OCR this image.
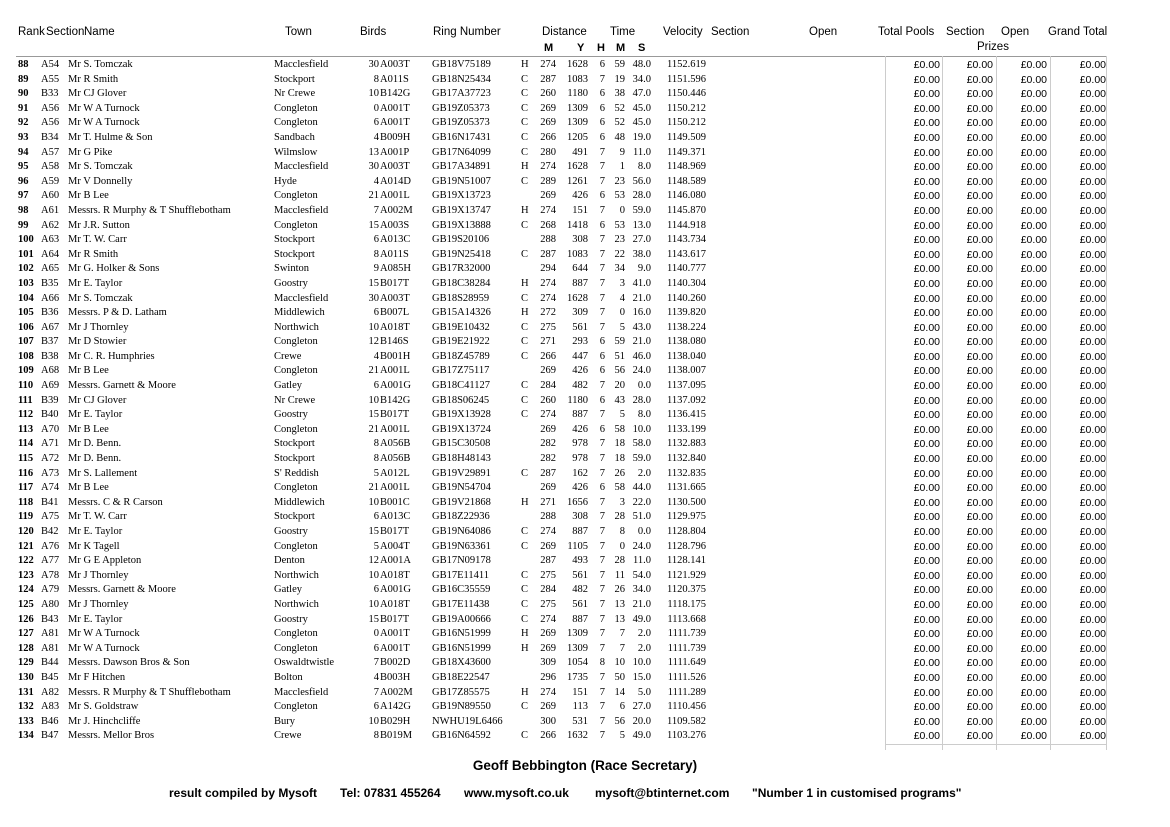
Rank Section Name	Town	Birds	Ring Number	Distance Time Velocity Section	Open	Total Pools Section Open Grand Total
M Y H M S	Prizes
88 A54 Mr S. Tomczak	Macclesfield	30 A003T GB18V75189	H	274	1628	6 59 48.0	1152.619	£0.00	£0.00	£0.00	£0.00
89 A55 Mr R Smith	Stockport	8 A011S GB18N25434	C	287	1083	7 19 34.0	1151.596	£0.00	£0.00	£0.00	£0.00
90 B33 Mr CJ Glover	Nr Crewe	10 B142G GB17A37723	C	260	1180	6 38 47.0	1150.446	£0.00	£0.00	£0.00	£0.00
91 A56 Mr W A Turnock	Congleton	0 A001T GB19Z05373	C	269	1309	6 52 45.0	1150.212	£0.00	£0.00	£0.00	£0.00
92 A56 Mr W A Turnock	Congleton	6 A001T GB19Z05373	C	269	1309	6 52 45.0	1150.212	£0.00	£0.00	£0.00	£0.00
93 B34 Mr T. Hulme & Son	Sandbach	4 B009H GB16N17431	C	266	1205	6 48 19.0	1149.509	£0.00	£0.00	£0.00	£0.00
94 A57 Mr G Pike	Wilmslow	13 A001P GB17N64099	C	280	491	7	9 11.0	1149.371	£0.00	£0.00	£0.00	£0.00
95 A58 Mr S. Tomczak	Macclesfield	30 A003T GB17A34891	H	274	1628	7	1	8.0	1148.969	£0.00	£0.00	£0.00	£0.00
96 A59 Mr V Donnelly	Hyde	4 A014D GB19N51007	C	289	1261	7 23 56.0	1148.589	£0.00	£0.00	£0.00	£0.00
97 A60 Mr B Lee	Congleton	21 A001L GB19X13723	269	426	6 53 28.0	1146.080	£0.00	£0.00	£0.00	£0.00
98 A61 Messrs. R Murphy & T Shufflebotham	Macclesfield	7 A002M GB19X13747	H	274	151	7	0 59.0	1145.870	£0.00	£0.00	£0.00	£0.00
99 A62 Mr J.R. Sutton	Congleton	15 A003S GB19X13888	C	268	1418	6 53 13.0	1144.918	£0.00	£0.00	£0.00	£0.00
100 A63 Mr T. W. Carr	Stockport	6 A013C GB19S20106	288	308	7 23 27.0	1143.734	£0.00	£0.00	£0.00	£0.00
101 A64 Mr R Smith	Stockport	8 A011S GB19N25418	C	287	1083	7 22 38.0	1143.617	£0.00	£0.00	£0.00	£0.00
102 A65 Mr G. Holker & Sons	Swinton	9 A085H GB17R32000	294	644	7 34	9.0	1140.777	£0.00	£0.00	£0.00	£0.00
103 B35 Mr E. Taylor	Goostry	15 B017T GB18C38284	H	274	887	7	3 41.0	1140.304	£0.00	£0.00	£0.00	£0.00
104 A66 Mr S. Tomczak	Macclesfield	30 A003T GB18S28959	C	274	1628	7	4 21.0	1140.260	£0.00	£0.00	£0.00	£0.00
105 B36 Messrs. P & D. Latham	Middlewich	6 B007L GB15A14326	H	272	309	7	0 16.0	1139.820	£0.00	£0.00	£0.00	£0.00
106 A67 Mr J Thornley	Northwich	10 A018T GB19E10432	C	275	561	7	5 43.0	1138.224	£0.00	£0.00	£0.00	£0.00
107 B37 Mr D Stowier	Congleton	12 B146S GB19E21922	C	271	293	6 59 21.0	1138.080	£0.00	£0.00	£0.00	£0.00
108 B38 Mr C. R. Humphries	Crewe	4 B001H GB18Z45789	C	266	447	6 51 46.0	1138.040	£0.00	£0.00	£0.00	£0.00
109 A68 Mr B Lee	Congleton	21 A001L GB17Z75117	269	426	6 56 24.0	1138.007	£0.00	£0.00	£0.00	£0.00
110 A69 Messrs. Garnett & Moore	Gatley	6 A001G GB18C41127	C	284	482	7 20	0.0	1137.095	£0.00	£0.00	£0.00	£0.00
111 B39 Mr CJ Glover	Nr Crewe	10 B142G GB18S06245	C	260	1180	6 43 28.0	1137.092	£0.00	£0.00	£0.00	£0.00
112 B40 Mr E. Taylor	Goostry	15 B017T GB19X13928	C	274	887	7	5	8.0	1136.415	£0.00	£0.00	£0.00	£0.00
113 A70 Mr B Lee	Congleton	21 A001L GB19X13724	269	426	6 58 10.0	1133.199	£0.00	£0.00	£0.00	£0.00
114 A71 Mr D. Benn.	Stockport	8 A056B GB15C30508	282	978	7 18 58.0	1132.883	£0.00	£0.00	£0.00	£0.00
115 A72 Mr D. Benn.	Stockport	8 A056B GB18H48143	282	978	7 18 59.0	1132.840	£0.00	£0.00	£0.00	£0.00
116 A73 Mr S. Lallement	S' Reddish	5 A012L GB19V29891	C	287	162	7 26	2.0	1132.835	£0.00	£0.00	£0.00	£0.00
117 A74 Mr B Lee	Congleton	21 A001L GB19N54704	269	426	6 58 44.0	1131.665	£0.00	£0.00	£0.00	£0.00
118 B41 Messrs. C & R Carson	Middlewich	10 B001C GB19V21868	H	271	1656	7	3 22.0	1130.500	£0.00	£0.00	£0.00	£0.00
119 A75 Mr T. W. Carr	Stockport	6 A013C GB18Z22936	288	308	7 28 51.0	1129.975	£0.00	£0.00	£0.00	£0.00
120 B42 Mr E. Taylor	Goostry	15 B017T GB19N64086	C	274	887	7	8	0.0	1128.804	£0.00	£0.00	£0.00	£0.00
121 A76 Mr K Tagell	Congleton	5 A004T GB19N63361	C	269	1105	7	0 24.0	1128.796	£0.00	£0.00	£0.00	£0.00
122 A77 Mr G E Appleton	Denton	12 A001A GB17N09178	287	493	7 28 11.0	1128.141	£0.00	£0.00	£0.00	£0.00
123 A78 Mr J Thornley	Northwich	10 A018T GB17E11411	C	275	561	7 11 54.0	1121.929	£0.00	£0.00	£0.00	£0.00
124 A79 Messrs. Garnett & Moore	Gatley	6 A001G GB16C35559	C	284	482	7 26 34.0	1120.375	£0.00	£0.00	£0.00	£0.00
125 A80 Mr J Thornley	Northwich	10 A018T GB17E11438	C	275	561	7 13 21.0	1118.175	£0.00	£0.00	£0.00	£0.00
126 B43 Mr E. Taylor	Goostry	15 B017T GB19A00666	C	274	887	7 13 49.0	1113.668	£0.00	£0.00	£0.00	£0.00
127 A81 Mr W A Turnock	Congleton	0 A001T GB16N51999	H	269	1309	7	7	2.0	1111.739	£0.00	£0.00	£0.00	£0.00
128 A81 Mr W A Turnock	Congleton	6 A001T GB16N51999	H	269	1309	7	7	2.0	1111.739	£0.00	£0.00	£0.00	£0.00
129 B44 Messrs. Dawson Bros & Son	Oswaldtwistle	7 B002D GB18X43600	309	1054	8 10 10.0	1111.649	£0.00	£0.00	£0.00	£0.00
130 B45 Mr F Hitchen	Bolton	4 B003H GB18E22547	296	1735	7 50 15.0	1111.526	£0.00	£0.00	£0.00	£0.00
131 A82 Messrs. R Murphy & T Shufflebotham	Macclesfield	7 A002M GB17Z85575	H	274	151	7 14	5.0	1111.289	£0.00	£0.00	£0.00	£0.00
132 A83 Mr S. Goldstraw	Congleton	6 A142G GB19N89550	C	269	113	7	6 27.0	1110.456	£0.00	£0.00	£0.00	£0.00
133 B46 Mr J. Hinchcliffe	Bury	10 B029H NWHU19L6466	300	531	7 56 20.0	1109.582	£0.00	£0.00	£0.00	£0.00
134 B47 Messrs. Mellor Bros	Crewe	8 B019M GB16N64592	C	266	1632	7	5 49.0	1103.276	£0.00	£0.00	£0.00	£0.00
Geoff Bebbington (Race Secretary)
result compiled by Mysoft Tel: 07831 455264 www.mysoft.co.uk mysoft@btinternet.com "Number 1 in customised programs"
